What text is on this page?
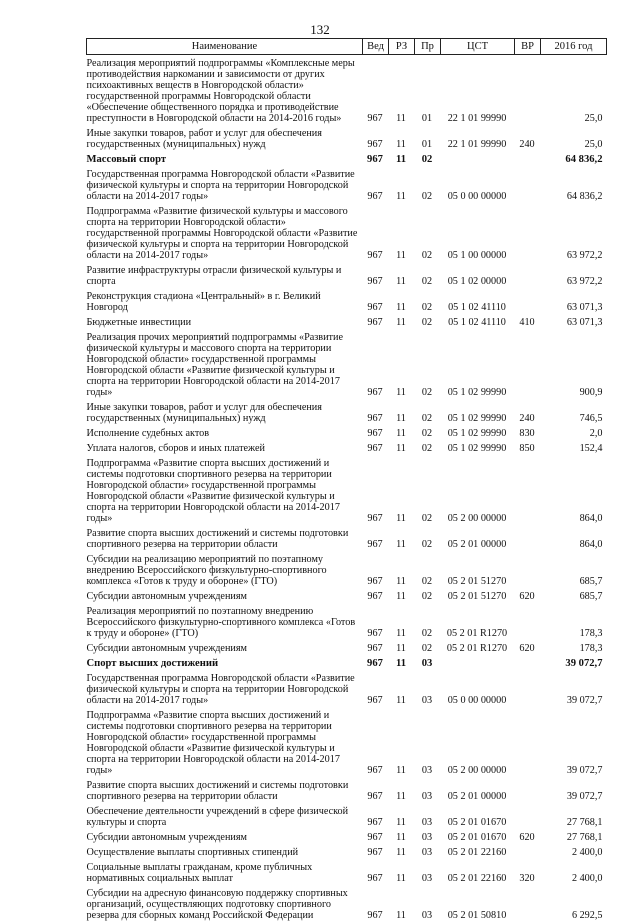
132
Наименование	Вед	РЗ	Пр	ЦСТ	ВР	2016 год
Реализация мероприятий подпрограммы «Комплексные меры противодействия наркомании и зависимости от других психоактивных веществ в Новгородской области» государственной программы Новгородской области «Обеспечение общественного порядка и противодействие преступности в Новгородской области на 2014-2016 годы»	967	11	01	22 1 01 99990		25,0
Иные закупки товаров, работ и услуг для обеспечения государственных (муниципальных) нужд	967	11	01	22 1 01 99990	240	25,0
Массовый спорт	967	11	02			64 836,2
Государственная программа Новгородской области «Развитие физической культуры и спорта на территории Новгородской области на 2014-2017 годы»	967	11	02	05 0 00 00000		64 836,2
Подпрограмма «Развитие физической культуры и массового спорта на территории Новгородской области» государственной программы Новгородской области «Развитие физической культуры и спорта на территории Новгородской области на 2014-2017 годы»	967	11	02	05 1 00 00000		63 972,2
Развитие инфраструктуры отрасли физической культуры и спорта	967	11	02	05 1 02 00000		63 972,2
Реконструкция стадиона «Центральный» в г. Великий Новгород	967	11	02	05 1 02 41110		63 071,3
Бюджетные инвестиции	967	11	02	05 1 02 41110	410	63 071,3
Реализация прочих мероприятий подпрограммы «Развитие физической культуры и массового спорта на территории Новгородской области» государственной программы Новгородской области «Развитие физической культуры и спорта на территории Новгородской области на 2014-2017 годы»	967	11	02	05 1 02 99990		900,9
Иные закупки товаров, работ и услуг для обеспечения государственных (муниципальных) нужд	967	11	02	05 1 02 99990	240	746,5
Исполнение судебных актов	967	11	02	05 1 02 99990	830	2,0
Уплата налогов, сборов и иных платежей	967	11	02	05 1 02 99990	850	152,4
Подпрограмма «Развитие спорта высших достижений и системы подготовки спортивного резерва на территории Новгородской области» государственной программы Новгородской области «Развитие физической культуры и спорта на территории Новгородской области на 2014-2017 годы»	967	11	02	05 2 00 00000		864,0
Развитие спорта высших достижений и системы подготовки спортивного резерва на территории области	967	11	02	05 2 01 00000		864,0
Субсидии на реализацию мероприятий по поэтапному внедрению Всероссийского физкультурно-спортивного комплекса «Готов к труду и обороне» (ГТО)	967	11	02	05 2 01 51270		685,7
Субсидии автономным учреждениям	967	11	02	05 2 01 51270	620	685,7
Реализация мероприятий по поэтапному внедрению Всероссийского физкультурно-спортивного комплекса «Готов к труду и обороне» (ГТО)	967	11	02	05 2 01 R1270		178,3
Субсидии автономным учреждениям	967	11	02	05 2 01 R1270	620	178,3
Спорт высших достижений	967	11	03			39 072,7
Государственная программа Новгородской области «Развитие физической культуры и спорта на территории Новгородской области на 2014-2017 годы»	967	11	03	05 0 00 00000		39 072,7
Подпрограмма «Развитие спорта высших достижений и системы подготовки спортивного резерва на территории Новгородской области» государственной программы Новгородской области «Развитие физической культуры и спорта на территории Новгородской области на 2014-2017 годы»	967	11	03	05 2 00 00000		39 072,7
Развитие спорта высших достижений и системы подготовки спортивного резерва на территории области	967	11	03	05 2 01 00000		39 072,7
Обеспечение деятельности учреждений в сфере физической культуры и спорта	967	11	03	05 2 01 01670		27 768,1
Субсидии автономным учреждениям	967	11	03	05 2 01 01670	620	27 768,1
Осуществление выплаты спортивных стипендий	967	11	03	05 2 01 22160		2 400,0
Социальные выплаты гражданам, кроме публичных нормативных социальных выплат	967	11	03	05 2 01 22160	320	2 400,0
Субсидии на адресную финансовую поддержку спортивных организаций, осуществляющих подготовку спортивного резерва для сборных команд Российской Федерации	967	11	03	05 2 01 50810		6 292,5
